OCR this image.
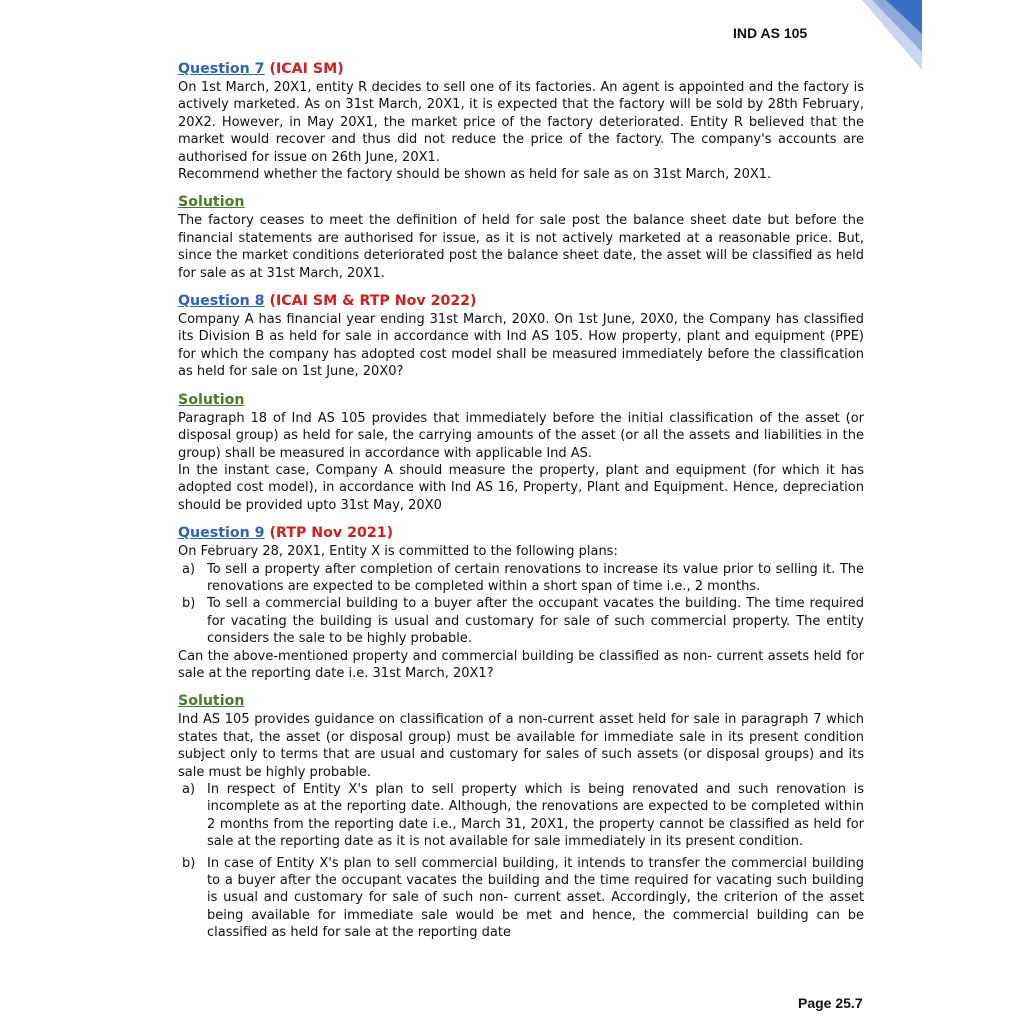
IND AS 105
Question 7 (ICAI SM)

On 1st March, 20X1, entity R decides to sell one of its factories. An agent is appointed and the factory is actively marketed. As on 31st March, 20X1, it is expected that the factory will be sold by 28th February, 20X2. However, in May 20X1, the market price of the factory deteriorated. Entity R believed that the market would recover and thus did not reduce the price of the factory. The company's accounts are authorised for issue on 26th June, 20X1.

Recommend whether the factory should be shown as held for sale as on 31st March, 20X1.

Solution

The factory ceases to meet the definition of held for sale post the balance sheet date but before the financial statements are authorised for issue, as it is not actively marketed at a reasonable price. But, since the market conditions deteriorated post the balance sheet date, the asset will be classified as held for sale as at 31st March, 20X1.

Question 8 (ICAI SM & RTP Nov 2022)

Company A has financial year ending 31st March, 20X0. On 1st June, 20X0, the Company has classified its Division B as held for sale in accordance with Ind AS 105. How property, plant and equipment (PPE) for which the company has adopted cost model shall be measured immediately before the classification as held for sale on 1st June, 20X0?

Solution

Paragraph 18 of Ind AS 105 provides that immediately before the initial classification of the asset (or disposal group) as held for sale, the carrying amounts of the asset (or all the assets and liabilities in the group) shall be measured in accordance with applicable Ind AS.

In the instant case, Company A should measure the property, plant and equipment (for which it has adopted cost model), in accordance with Ind AS 16, Property, Plant and Equipment. Hence, depreciation should be provided upto 31st May, 20X0

Question 9 (RTP Nov 2021)

On February 28, 20X1, Entity X is committed to the following plans:

a) To sell a property after completion of certain renovations to increase its value prior to selling it. The renovations are expected to be completed within a short span of time i.e., 2 months.
b) To sell a commercial building to a buyer after the occupant vacates the building. The time required for vacating the building is usual and customary for sale of such commercial property. The entity considers the sale to be highly probable.

Can the above-mentioned property and commercial building be classified as non- current assets held for sale at the reporting date i.e. 31st March, 20X1?

Solution

Ind AS 105 provides guidance on classification of a non-current asset held for sale in paragraph 7 which states that, the asset (or disposal group) must be available for immediate sale in its present condition subject only to terms that are usual and customary for sales of such assets (or disposal groups) and its sale must be highly probable.

a) In respect of Entity X's plan to sell property which is being renovated and such renovation is incomplete as at the reporting date. Although, the renovations are expected to be completed within 2 months from the reporting date i.e., March 31, 20X1, the property cannot be classified as held for sale at the reporting date as it is not available for sale immediately in its present condition.
b) In case of Entity X's plan to sell commercial building, it intends to transfer the commercial building to a buyer after the occupant vacates the building and the time required for vacating such building is usual and customary for sale of such non- current asset. Accordingly, the criterion of the asset being available for immediate sale would be met and hence, the commercial building can be classified as held for sale at the reporting date
Page 25.7
